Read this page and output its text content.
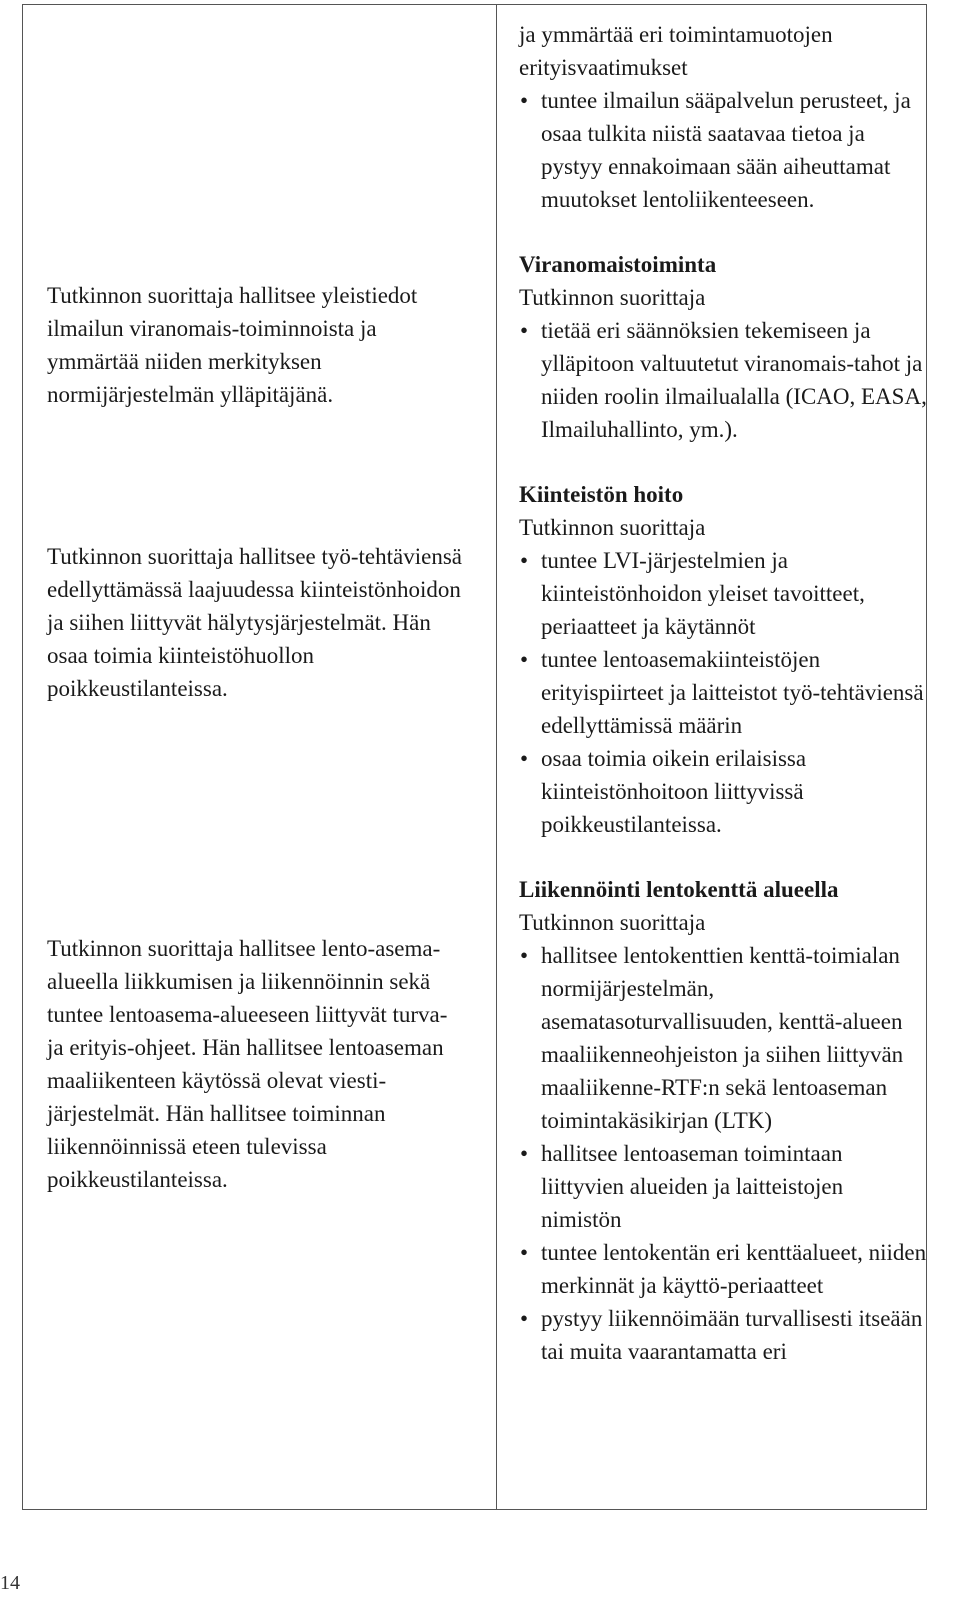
Tutkinnon suorittaja hallitsee yleistiedot ilmailun viranomais-toiminnoista ja ymmärtää niiden merkityksen normijärjestelmän ylläpitäjänä.

Tutkinnon suorittaja hallitsee työ-tehtäviensä edellyttämässä laajuudessa kiinteistönhoidon ja siihen liittyvät hälytysjärjestelmät. Hän osaa toimia kiinteistöhuollon poikkeustilanteissa.

Tutkinnon suorittaja hallitsee lento-asema-alueella liikkumisen ja liikennöinnin sekä tuntee lentoasema-alueeseen liittyvät turva- ja erityis-ohjeet. Hän hallitsee lentoaseman maaliikenteen käytössä olevat viesti-järjestelmät. Hän hallitsee toiminnan liikennöinnissä eteen tulevissa poikkeustilanteissa.

ja ymmärtää eri toimintamuotojen erityisvaatimukset

• tuntee ilmailun sääpalvelun perusteet, ja osaa tulkita niistä saatavaa tietoa ja pystyy ennakoimaan sään aiheuttamat muutokset lentoliikenteeseen.
Viranomaistoiminta
Tutkinnon suorittaja
• tietää eri säännöksien tekemiseen ja ylläpitoon valtuutetut viranomais-tahot ja niiden roolin ilmailualalla (ICAO, EASA, Ilmailuhallinto, ym.).
Kiinteistön hoito
Tutkinnon suorittaja
• tuntee LVI-järjestelmien ja kiinteistönhoidon yleiset tavoitteet, periaatteet ja käytännöt
• tuntee lentoasemakiinteistöjen erityispiirteet ja laitteistot työ-tehtäviensä edellyttämissä määrin
• osaa toimia oikein erilaisissa kiinteistönhoitoon liittyvissä poikkeustilanteissa.
Liikennöinti lentokenttä alueella
Tutkinnon suorittaja
• hallitsee lentokenttien kenttä-toimialan normijärjestelmän, asematasoturvallisuuden, kenttä-alueen maaliikenneohjeiston ja siihen liittyvän maaliikenne-RTF:n sekä lentoaseman toimintakäsikirjan (LTK)
• hallitsee lentoaseman toimintaan liittyvien alueiden ja laitteistojen nimistön
• tuntee lentokentän eri kenttäalueet, niiden merkinnät ja käyttö-periaatteet
• pystyy liikennöimään turvallisesti itseään tai muita vaarantamatta eri
14
